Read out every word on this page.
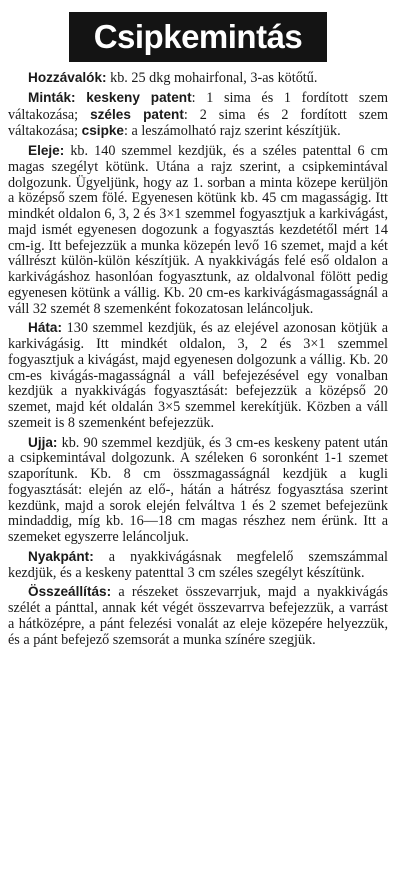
Csipkemintás

Hozzávalók: kb. 25 dkg mohairfonal, 3-as kötőtű.

Minták: keskeny patent: 1 sima és 1 fordított szem váltakozása; széles patent: 2 sima és 2 fordított szem váltakozása; csipke: a leszámolható rajz szerint készítjük.

Eleje: kb. 140 szemmel kezdjük, és a széles patenttal 6 cm magas szegélyt kötünk. Utána a rajz szerint, a csipkemintával dolgozunk. Ügyeljünk, hogy az 1. sorban a minta közepe kerüljön a középső szem fölé. Egyenesen kötünk kb. 45 cm magasságig. Itt mindkét oldalon 6, 3, 2 és 3×1 szemmel fogyasztjuk a karkivágást, majd ismét egyenesen dogozunk a fogyasztás kezdetétől mért 14 cm-ig. Itt befejezzük a munka közepén levő 16 szemet, majd a két vállrészt külön-külön készítjük. A nyakkivágás felé eső oldalon a karkivágáshoz hasonlóan fogyasztunk, az oldalvonal fölött pedig egyenesen kötünk a vállig. Kb. 20 cm-es karkivágásmagasságnál a váll 32 szemét 8 szemenként fokozatosan leláncoljuk.

Háta: 130 szemmel kezdjük, és az elejével azonosan kötjük a karkivágásig. Itt mindkét oldalon, 3, 2 és 3×1 szemmel fogyasztjuk a kivágást, majd egyenesen dolgozunk a vállig. Kb. 20 cm-es kivágás-magasságnál a váll befejezésével egy vonalban kezdjük a nyakkivágás fogyasztását: befejezzük a középső 20 szemet, majd két oldalán 3×5 szemmel kerekítjük. Közben a váll szemeit is 8 szemenként befejezzük.

Ujja: kb. 90 szemmel kezdjük, és 3 cm-es keskeny patent után a csipkemintával dolgozunk. A széleken 6 soronként 1-1 szemet szaporítunk. Kb. 8 cm összmagasságnál kezdjük a kugli fogyasztását: elején az elő-, hátán a hátrész fogyasztása szerint kezdünk, majd a sorok elején felváltva 1 és 2 szemet befejezünk mindaddig, míg kb. 16—18 cm magas részhez nem érünk. Itt a szemeket egyszerre leláncoljuk.

Nyakpánt: a nyakkivágásnak megfelelő szemszámmal kezdjük, és a keskeny patenttal 3 cm széles szegélyt készítünk.

Összeállítás: a részeket összevarrjuk, majd a nyakkivágás szélét a pánttal, annak két végét összevarrva befejezzük, a varrást a hátközépre, a pánt felezési vonalát az eleje közepére helyezzük, és a pánt befejező szemsorát a munka színére szegjük.
